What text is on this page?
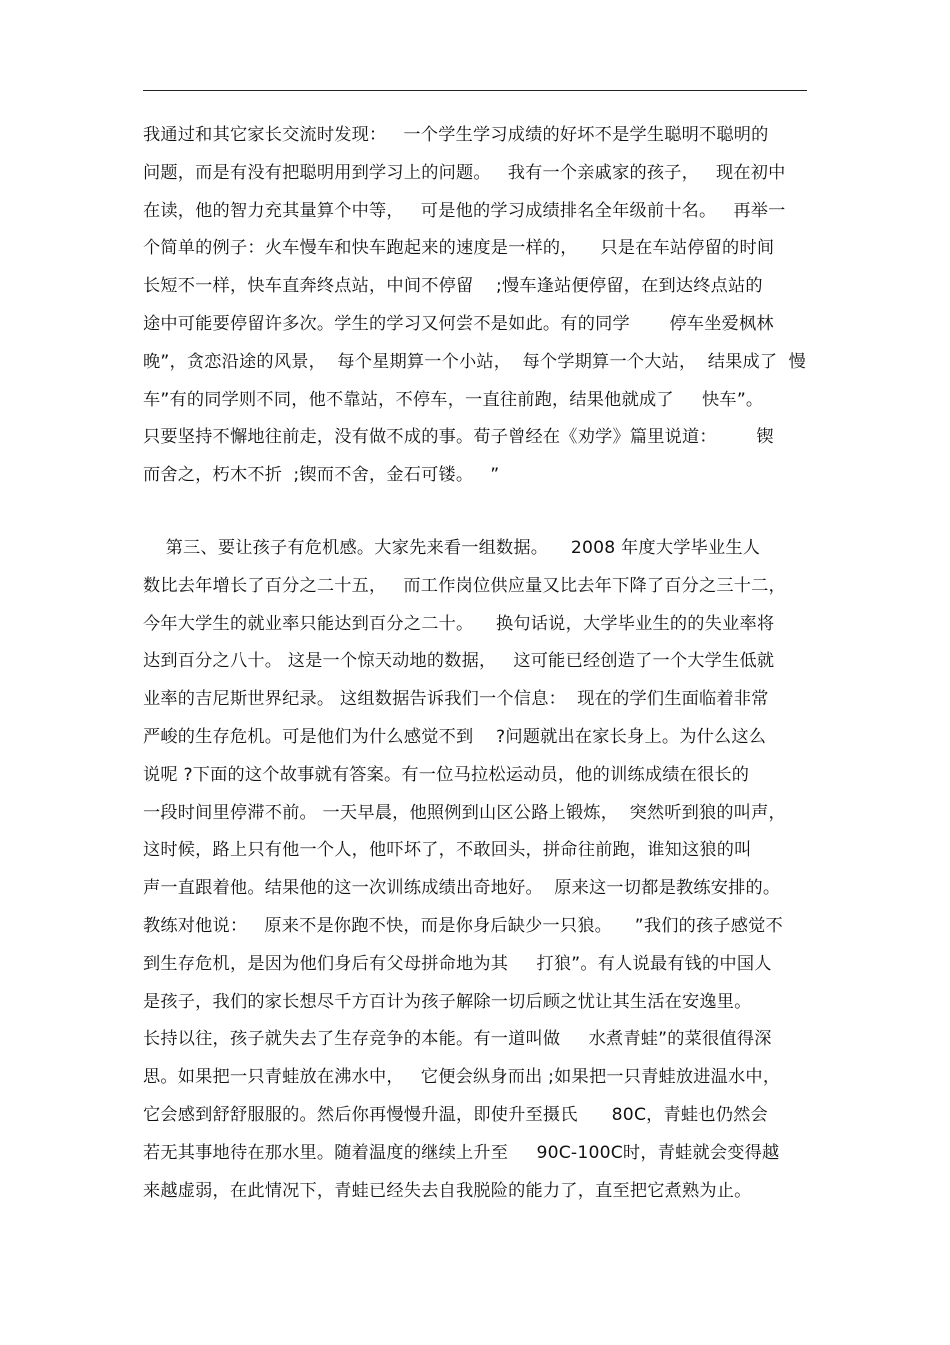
我通过和其它家长交流时发现：   一个学生学习成绩的好坏不是学生聪明不聪明的
问题，而是有没有把聪明用到学习上的问题。   我有一个亲戚家的孩子，   现在初中
在读，他的智力充其量算个中等，   可是他的学习成绩排名全年级前十名。   再举一
个简单的例子：火车慢车和快车跑起来的速度是一样的，    只是在车站停留的时间
长短不一样，快车直奔终点站，中间不停留    ;慢车逢站便停留，在到达终点站的
途中可能要停留许多次。学生的学习又何尝不是如此。有的同学       停车坐爱枫林
晚”，贪恋沿途的风景，  每个星期算一个小站，  每个学期算一个大站，  结果成了  慢
车”有的同学则不同，他不靠站，不停车，一直往前跑，结果他就成了     快车”。
只要坚持不懈地往前走，没有做不成的事。荀子曾经在《劝学》篇里说道：       锲
而舍之，朽木不折  ;锲而不舍，金石可镂。   ”
第三、要让孩子有危机感。大家先来看一组数据。    2008 年度大学毕业生人
数比去年增长了百分之二十五，   而工作岗位供应量又比去年下降了百分之三十二，
今年大学生的就业率只能达到百分之二十。    换句话说，大学毕业生的的失业率将
达到百分之八十。 这是一个惊天动地的数据，   这可能已经创造了一个大学生低就
业率的吉尼斯世界纪录。 这组数据告诉我们一个信息：  现在的学们生面临着非常
严峻的生存危机。可是他们为什么感觉不到    ?问题就出在家长身上。为什么这么
说呢 ?下面的这个故事就有答案。有一位马拉松运动员，他的训练成绩在很长的
一段时间里停滞不前。 一天早晨，他照例到山区公路上锻炼，  突然听到狼的叫声，
这时候，路上只有他一个人，他吓坏了，不敢回头，拼命往前跑，谁知这狼的叫
声一直跟着他。结果他的这一次训练成绩出奇地好。  原来这一切都是教练安排的。
教练对他说：   原来不是你跑不快，而是你身后缺少一只狼。    ”我们的孩子感觉不
到生存危机，是因为他们身后有父母拼命地为其     打狼”。有人说最有钱的中国人
是孩子，我们的家长想尽千方百计为孩子解除一切后顾之忧让其生活在安逸里。
长持以往，孩子就失去了生存竞争的本能。有一道叫做     水煮青蛙”的菜很值得深
思。如果把一只青蛙放在沸水中，   它便会纵身而出 ;如果把一只青蛙放进温水中，
它会感到舒舒服服的。然后你再慢慢升温，即使升至摄氏      80C，青蛙也仍然会
若无其事地待在那水里。随着温度的继续上升至     90C-100C时，青蛙就会变得越
来越虚弱，在此情况下，青蛙已经失去自我脱险的能力了，直至把它煮熟为止。
